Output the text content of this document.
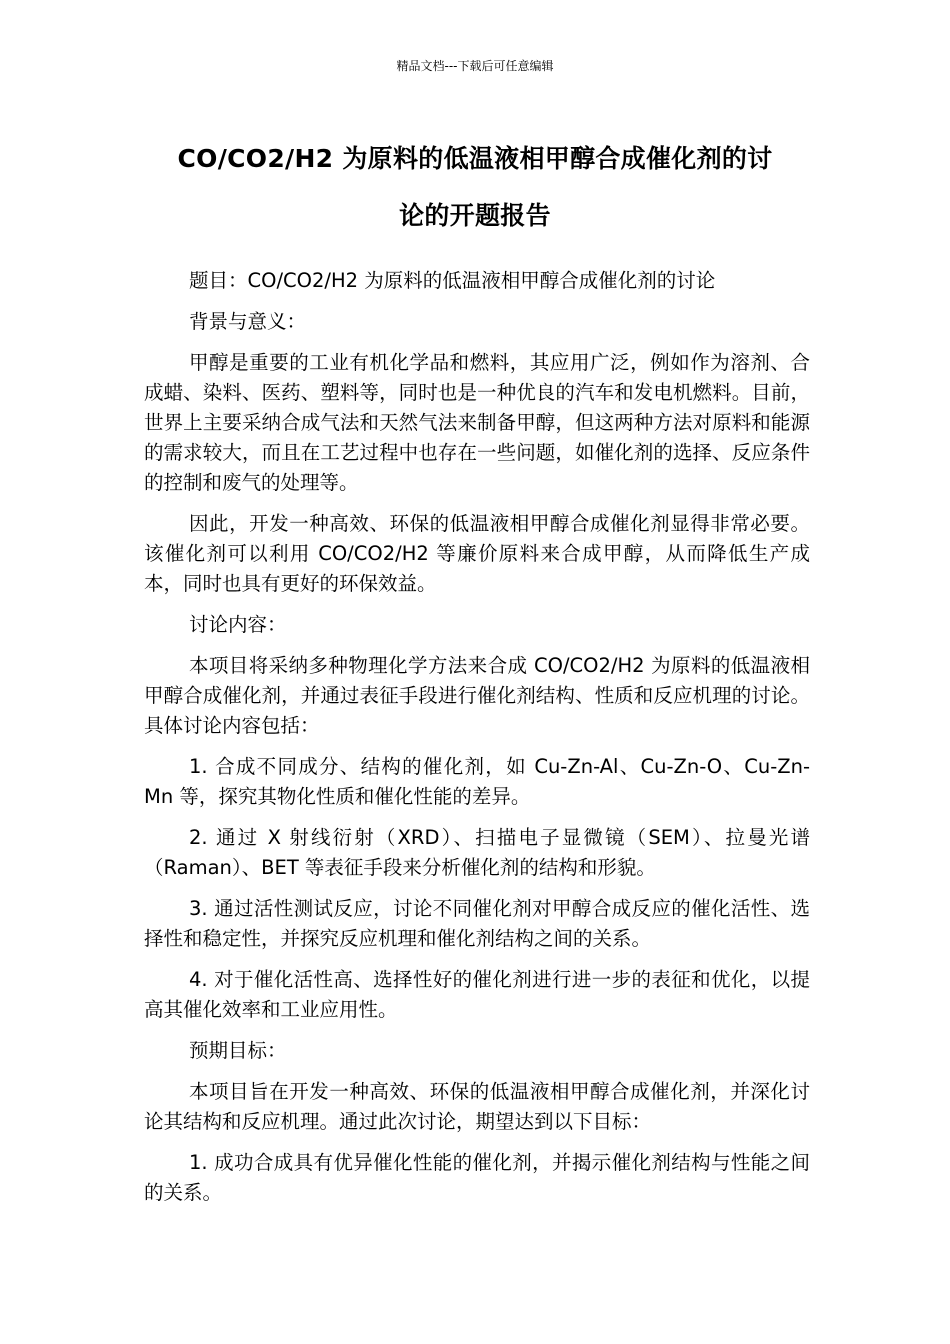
精品文档---下载后可任意编辑
CO/CO2/H2 为原料的低温液相甲醇合成催化剂的讨
论的开题报告

题目：CO/CO2/H2 为原料的低温液相甲醇合成催化剂的讨论

背景与意义：

甲醇是重要的工业有机化学品和燃料，其应用广泛，例如作为溶剂、合成蜡、染料、医药、塑料等，同时也是一种优良的汽车和发电机燃料。目前，世界上主要采纳合成气法和天然气法来制备甲醇，但这两种方法对原料和能源的需求较大，而且在工艺过程中也存在一些问题，如催化剂的选择、反应条件的控制和废气的处理等。

因此，开发一种高效、环保的低温液相甲醇合成催化剂显得非常必要。该催化剂可以利用 CO/CO2/H2 等廉价原料来合成甲醇，从而降低生产成本，同时也具有更好的环保效益。

讨论内容：

本项目将采纳多种物理化学方法来合成 CO/CO2/H2 为原料的低温液相甲醇合成催化剂，并通过表征手段进行催化剂结构、性质和反应机理的讨论。具体讨论内容包括：

1. 合成不同成分、结构的催化剂，如 Cu-Zn-Al、Cu-Zn-O、Cu-Zn-Mn 等，探究其物化性质和催化性能的差异。

2. 通过 X 射线衍射（XRD）、扫描电子显微镜（SEM）、拉曼光谱（Raman）、BET 等表征手段来分析催化剂的结构和形貌。

3. 通过活性测试反应，讨论不同催化剂对甲醇合成反应的催化活性、选择性和稳定性，并探究反应机理和催化剂结构之间的关系。

4. 对于催化活性高、选择性好的催化剂进行进一步的表征和优化，以提高其催化效率和工业应用性。

预期目标：

本项目旨在开发一种高效、环保的低温液相甲醇合成催化剂，并深化讨论其结构和反应机理。通过此次讨论，期望达到以下目标：

1. 成功合成具有优异催化性能的催化剂，并揭示催化剂结构与性能之间的关系。
